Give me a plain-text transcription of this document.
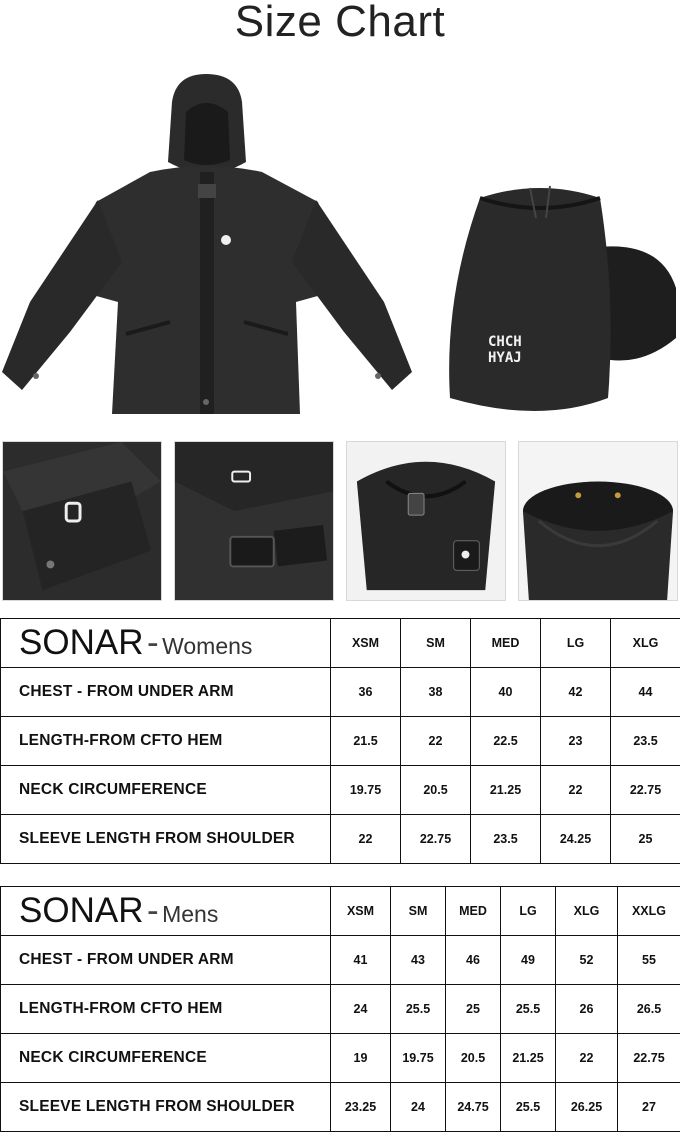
Size Chart
CHCH
HYAJ
SONAR - Womens	XSM	SM	MED	LG	XLG
CHEST - FROM UNDER ARM	36	38	40	42	44
LENGTH-FROM CFTO HEM	21.5	22	22.5	23	23.5
NECK CIRCUMFERENCE	19.75	20.5	21.25	22	22.75
SLEEVE LENGTH FROM SHOULDER	22	22.75	23.5	24.25	25
SONAR - Mens	XSM	SM	MED	LG	XLG	XXLG
CHEST - FROM UNDER ARM	41	43	46	49	52	55
LENGTH-FROM CFTO HEM	24	25.5	25	25.5	26	26.5
NECK CIRCUMFERENCE	19	19.75	20.5	21.25	22	22.75
SLEEVE LENGTH FROM SHOULDER	23.25	24	24.75	25.5	26.25	27
